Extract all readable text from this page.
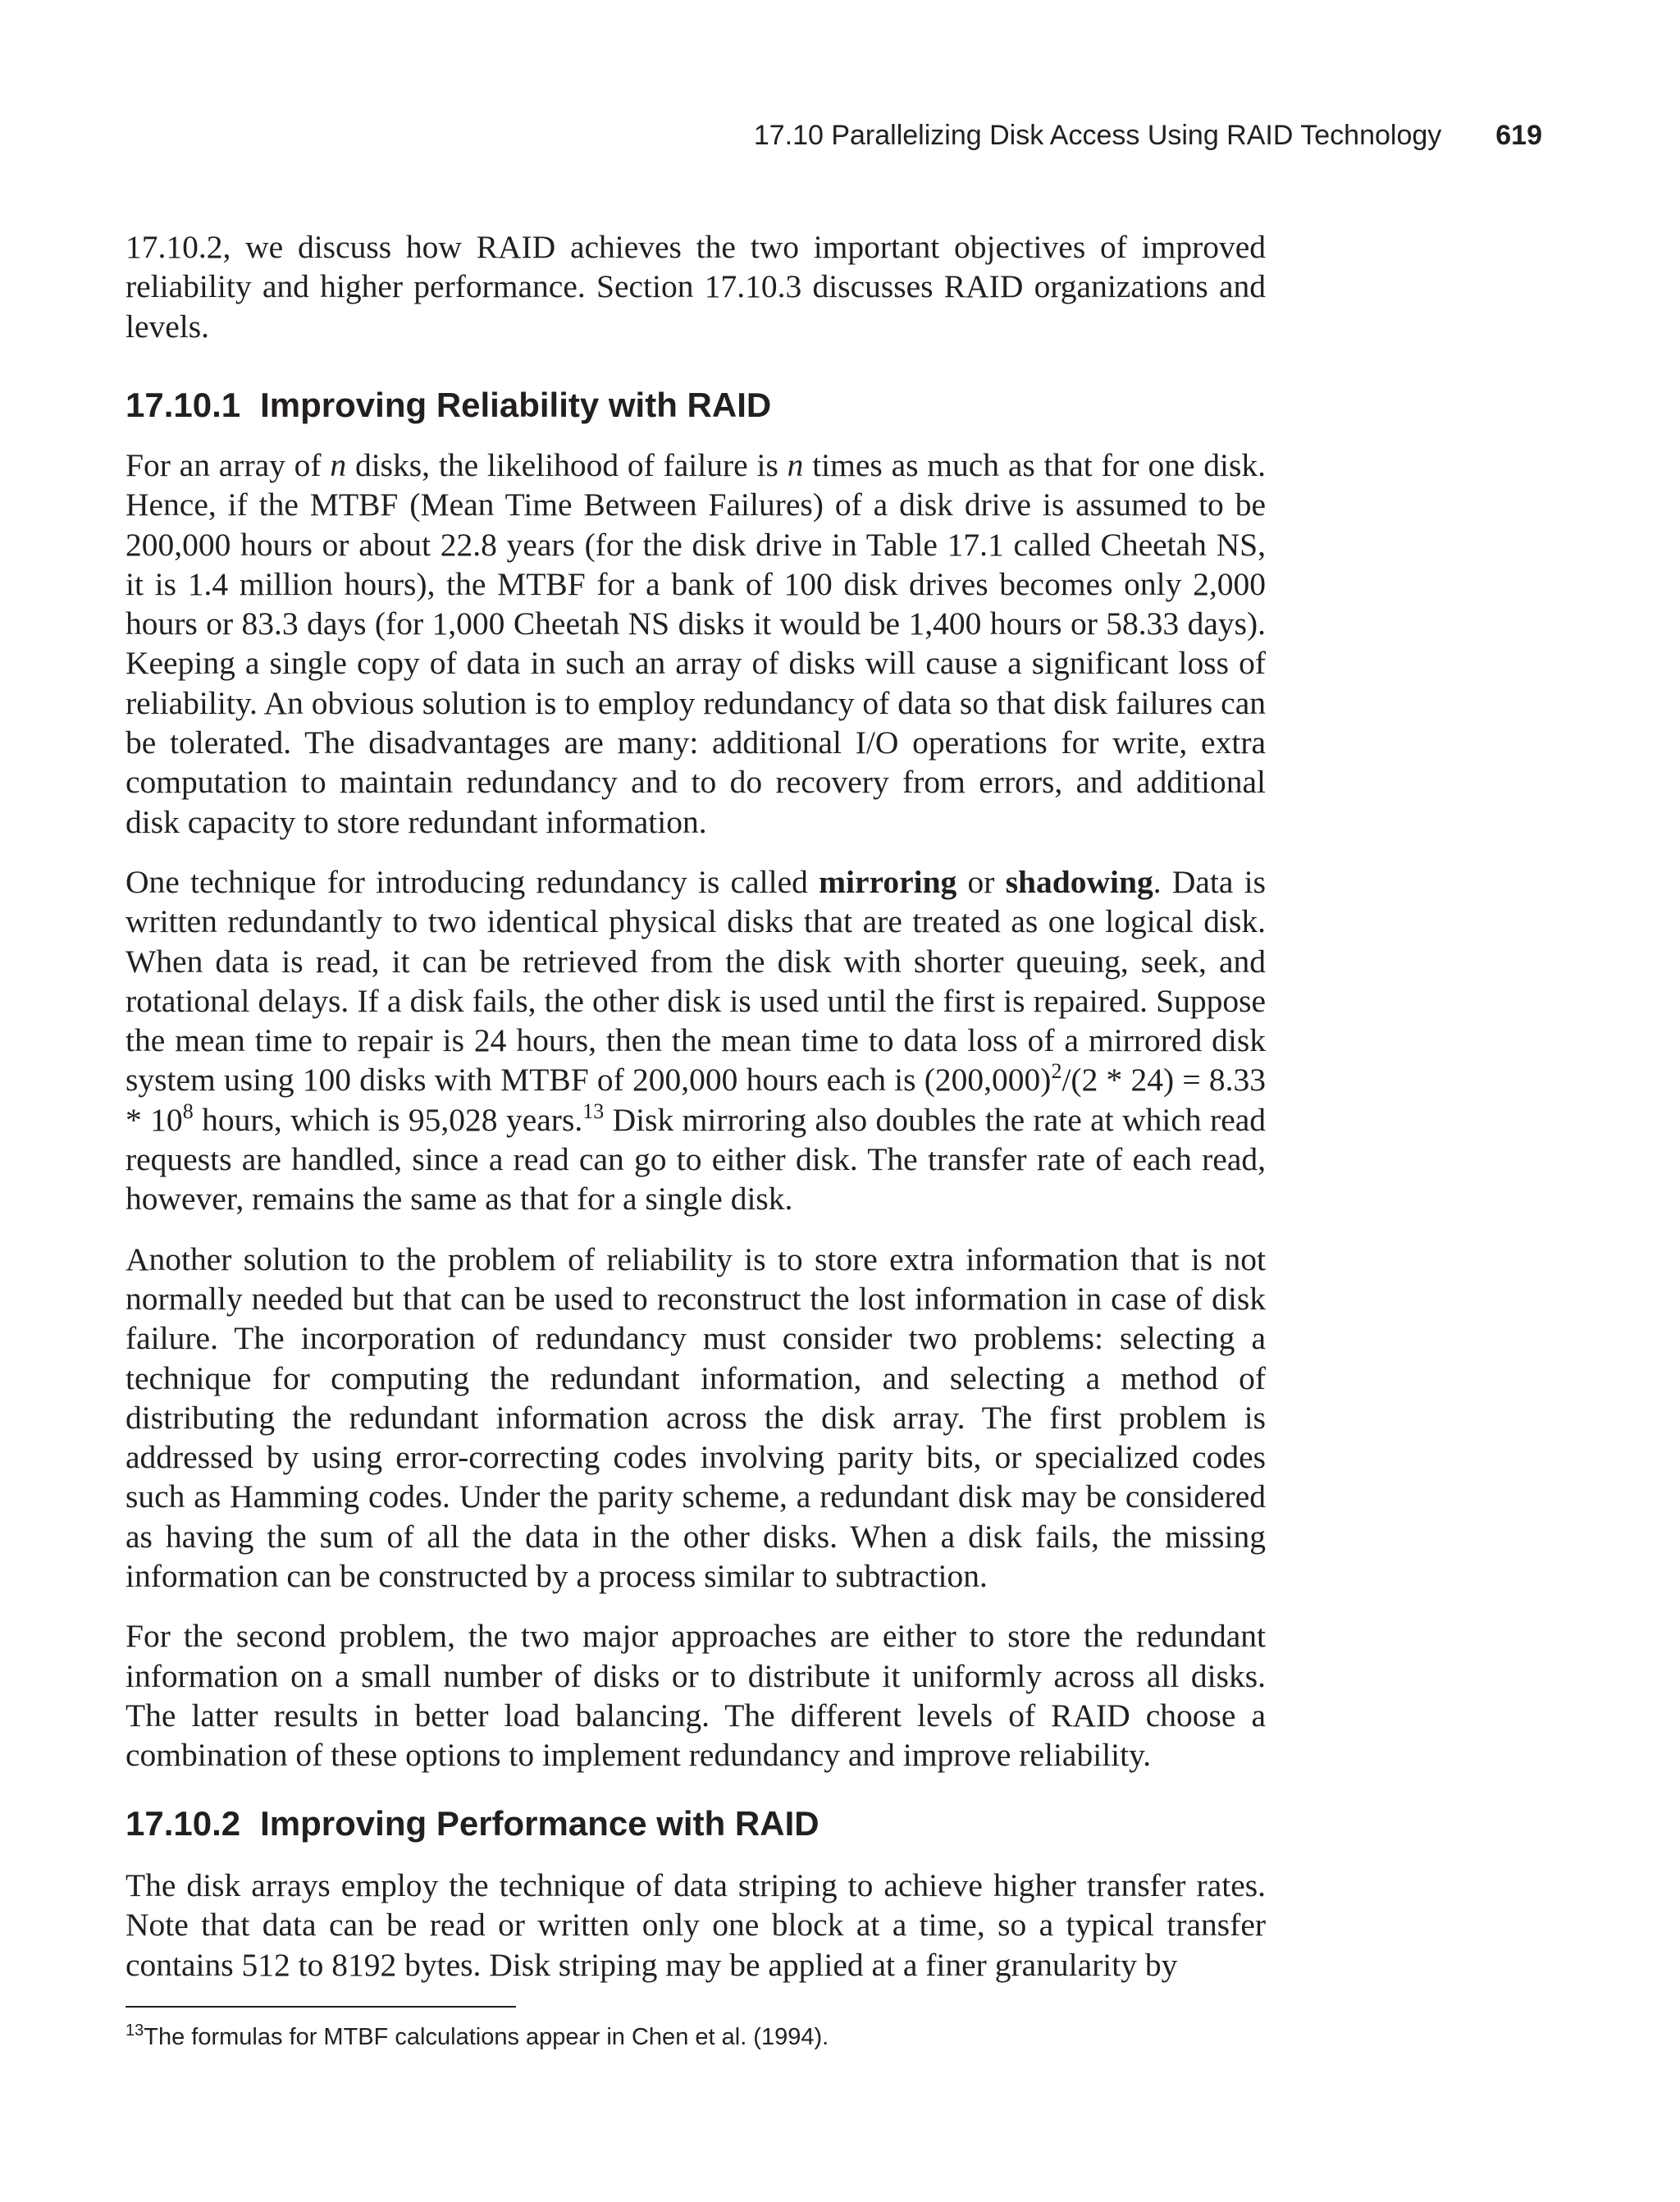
17.10 Parallelizing Disk Access Using RAID Technology 619

17.10.2, we discuss how RAID achieves the two important objectives of improved reliability and higher performance. Section 17.10.3 discusses RAID organizations and levels.

17.10.1 Improving Reliability with RAID

For an array of n disks, the likelihood of failure is n times as much as that for one disk. Hence, if the MTBF (Mean Time Between Failures) of a disk drive is assumed to be 200,000 hours or about 22.8 years (for the disk drive in Table 17.1 called Cheetah NS, it is 1.4 million hours), the MTBF for a bank of 100 disk drives becomes only 2,000 hours or 83.3 days (for 1,000 Cheetah NS disks it would be 1,400 hours or 58.33 days). Keeping a single copy of data in such an array of disks will cause a significant loss of reliability. An obvious solution is to employ redundancy of data so that disk failures can be tolerated. The disadvantages are many: additional I/O operations for write, extra computation to maintain redundancy and to do recovery from errors, and additional disk capacity to store redundant information.

One technique for introducing redundancy is called mirroring or shadowing. Data is written redundantly to two identical physical disks that are treated as one logical disk. When data is read, it can be retrieved from the disk with shorter queuing, seek, and rotational delays. If a disk fails, the other disk is used until the first is repaired. Suppose the mean time to repair is 24 hours, then the mean time to data loss of a mirrored disk system using 100 disks with MTBF of 200,000 hours each is $(200,000)^2/(2 * 24) = 8.33 * 10^8$ hours, which is 95,028 years.$^{13}$ Disk mirroring also doubles the rate at which read requests are handled, since a read can go to either disk. The transfer rate of each read, however, remains the same as that for a single disk.

Another solution to the problem of reliability is to store extra information that is not normally needed but that can be used to reconstruct the lost information in case of disk failure. The incorporation of redundancy must consider two problems: selecting a technique for computing the redundant information, and selecting a method of distributing the redundant information across the disk array. The first problem is addressed by using error-correcting codes involving parity bits, or specialized codes such as Hamming codes. Under the parity scheme, a redundant disk may be considered as having the sum of all the data in the other disks. When a disk fails, the missing information can be constructed by a process similar to subtraction.

For the second problem, the two major approaches are either to store the redundant information on a small number of disks or to distribute it uniformly across all disks. The latter results in better load balancing. The different levels of RAID choose a combination of these options to implement redundancy and improve reliability.

17.10.2 Improving Performance with RAID

The disk arrays employ the technique of data striping to achieve higher transfer rates. Note that data can be read or written only one block at a time, so a typical transfer contains 512 to 8192 bytes. Disk striping may be applied at a finer granularity by

$^{13}$The formulas for MTBF calculations appear in Chen et al. (1994).
